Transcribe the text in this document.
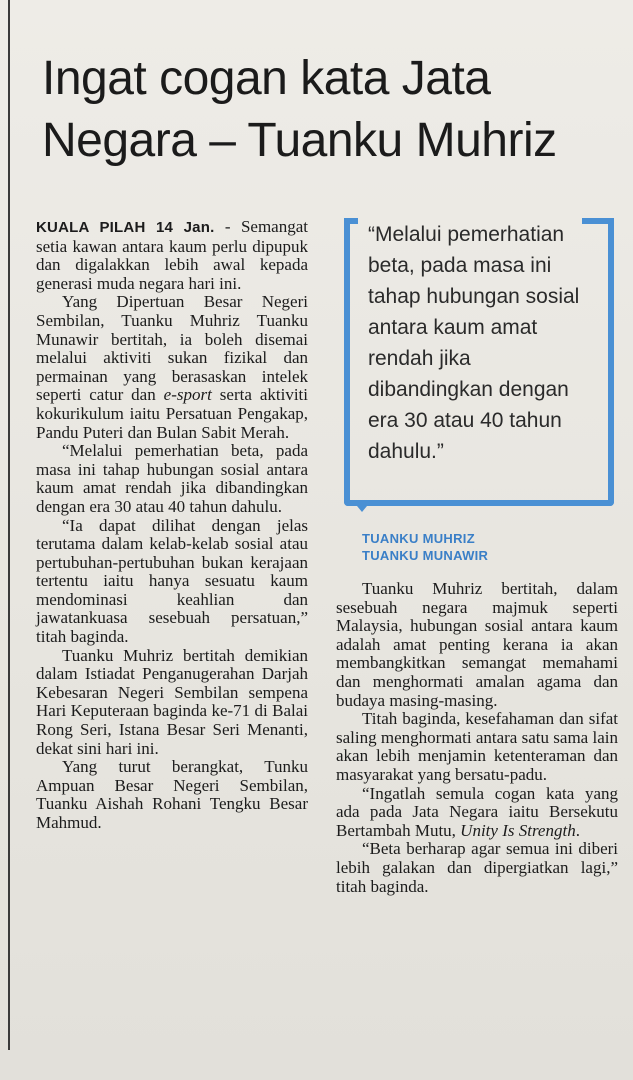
Ingat cogan kata Jata
Negara – Tuanku Muhriz

KUALA PILAH 14 Jan. - Semangat setia kawan antara kaum perlu dipupuk dan digalakkan lebih awal kepada generasi muda negara hari ini.

Yang Dipertuan Besar Negeri Sembilan, Tuanku Muhriz Tuanku Munawir bertitah, ia boleh disemai melalui aktiviti sukan fizikal dan permainan yang berasaskan intelek seperti catur dan e-sport serta aktiviti kokurikulum iaitu Persatuan Pengakap, Pandu Puteri dan Bulan Sabit Merah.

“Melalui pemerhatian beta, pada masa ini tahap hubungan sosial antara kaum amat rendah jika dibandingkan dengan era 30 atau 40 tahun dahulu.

“Ia dapat dilihat dengan jelas terutama dalam kelab-kelab sosial atau pertubuhan-pertubuhan bukan kerajaan tertentu iaitu hanya sesuatu kaum mendominasi keahlian dan jawatankuasa sesebuah persatuan,” titah baginda.

Tuanku Muhriz bertitah demikian dalam Istiadat Penganugerahan Darjah Kebesaran Negeri Sembilan sempena Hari Keputeraan baginda ke-71 di Balai Rong Seri, Istana Besar Seri Menanti, dekat sini hari ini.

Yang turut berangkat, Tunku Ampuan Besar Negeri Sembilan, Tuanku Aishah Rohani Tengku Besar Mahmud.

“Melalui pemerhatian beta, pada masa ini tahap hubungan sosial antara kaum amat rendah jika dibandingkan dengan era 30 atau 40 tahun dahulu.”
TUANKU MUHRIZ
TUANKU MUNAWIR

Tuanku Muhriz bertitah, dalam sesebuah negara majmuk seperti Malaysia, hubungan sosial antara kaum adalah amat penting kerana ia akan membangkitkan semangat memahami dan menghormati amalan agama dan budaya masing-masing.

Titah baginda, kesefahaman dan sifat saling menghormati antara satu sama lain akan lebih menjamin ketenteraman dan masyarakat yang bersatu-padu.

“Ingatlah semula cogan kata yang ada pada Jata Negara iaitu Bersekutu Bertambah Mutu, Unity Is Strength.

“Beta berharap agar semua ini diberi lebih galakan dan dipergiatkan lagi,” titah baginda.
